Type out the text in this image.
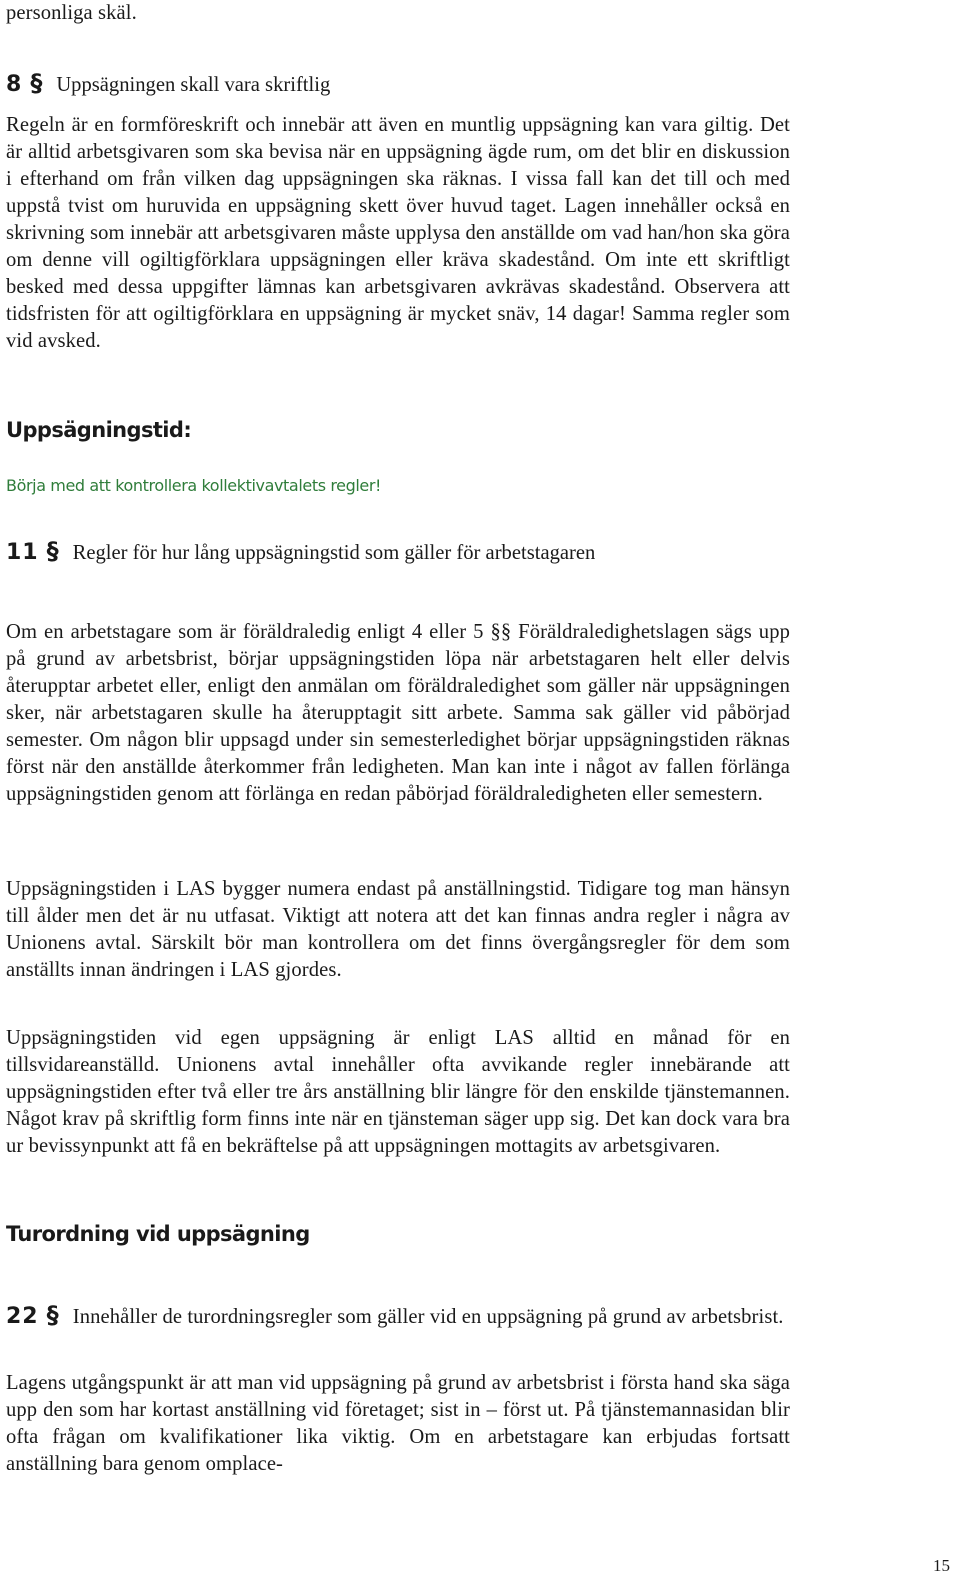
personliga skäl.

8 § Uppsägningen skall vara skriftlig

Regeln är en formföreskrift och innebär att även en muntlig uppsägning kan vara giltig. Det är alltid arbetsgivaren som ska bevisa när en uppsägning ägde rum, om det blir en diskussion i efterhand om från vilken dag uppsägningen ska räknas. I vissa fall kan det till och med uppstå tvist om huruvida en uppsägning skett över huvud taget. Lagen innehåller också en skrivning som innebär att arbetsgivaren måste upplysa den anställde om vad han/hon ska göra om denne vill ogiltigförklara uppsägningen eller kräva skadestånd. Om inte ett skriftligt besked med dessa uppgifter lämnas kan arbetsgivaren avkrävas skadestånd. Observera att tidsfristen för att ogiltigförklara en uppsägning är mycket snäv, 14 dagar! Samma regler som vid avsked.

Uppsägningstid:
Börja med att kontrollera kollektivavtalets regler!
11 § Regler för hur lång uppsägningstid som gäller för arbetstagaren

Om en arbetstagare som är föräldraledig enligt 4 eller 5 §§ Föräldraledighetslagen sägs upp på grund av arbetsbrist, börjar uppsägningstiden löpa när arbetstagaren helt eller delvis återupptar arbetet eller, enligt den anmälan om föräldraledighet som gäller när uppsägningen sker, när arbetstagaren skulle ha återupptagit sitt arbete. Samma sak gäller vid påbörjad semester. Om någon blir uppsagd under sin semesterledighet börjar uppsägningstiden räknas först när den anställde återkommer från ledigheten. Man kan inte i något av fallen förlänga uppsägningstiden genom att förlänga en redan påbörjad föräldraledigheten eller semestern.

Uppsägningstiden i LAS bygger numera endast på anställningstid. Tidigare tog man hänsyn till ålder men det är nu utfasat. Viktigt att notera att det kan finnas andra regler i några av Unionens avtal. Särskilt bör man kontrollera om det finns övergångsregler för dem som anställts innan ändringen i LAS gjordes.

Uppsägningstiden vid egen uppsägning är enligt LAS alltid en månad för en tillsvidareanställd. Unionens avtal innehåller ofta avvikande regler innebärande att uppsägningstiden efter två eller tre års anställning blir längre för den enskilde tjänstemannen. Något krav på skriftlig form finns inte när en tjänsteman säger upp sig. Det kan dock vara bra ur bevissynpunkt att få en bekräftelse på att uppsägningen mottagits av arbetsgivaren.

Turordning vid uppsägning

22 § Innehåller de turordningsregler som gäller vid en uppsägning på grund av arbetsbrist.

Lagens utgångspunkt är att man vid uppsägning på grund av arbetsbrist i första hand ska säga upp den som har kortast anställning vid företaget; sist in – först ut. På tjänstemannasidan blir ofta frågan om kvalifikationer lika viktig. Om en arbetstagare kan erbjudas fortsatt anställning bara genom omplace-

15
